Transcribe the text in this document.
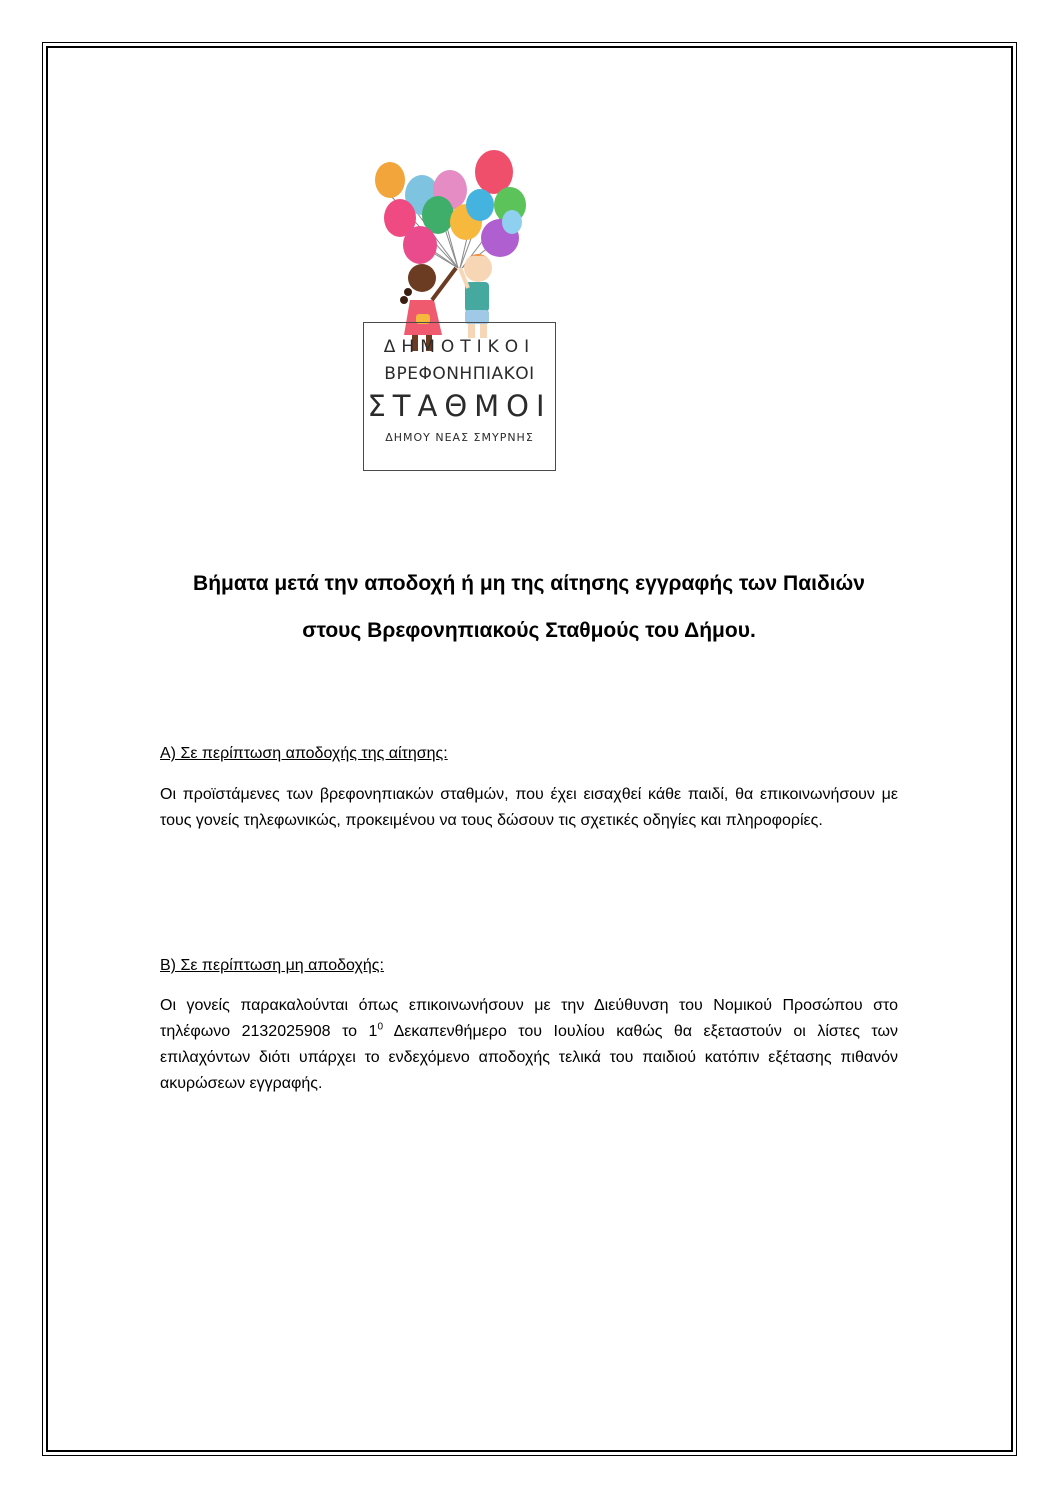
ΔΗΜΟΤΙΚΟΙ
ΒΡΕΦΟΝΗΠΙΑΚΟΙ
ΣΤΑΘΜΟΙ
ΔΗΜΟΥ ΝΕΑΣ ΣΜΥΡΝΗΣ
Βήματα μετά την αποδοχή ή μη της αίτησης εγγραφής των Παιδιών
στους Βρεφονηπιακούς Σταθμούς του Δήμου.
Α) Σε περίπτωση αποδοχής της αίτησης:
Οι προϊστάμενες των βρεφονηπιακών σταθμών, που έχει εισαχθεί κάθε παιδί, θα επικοινωνήσουν με τους γονείς τηλεφωνικώς, προκειμένου να τους δώσουν τις σχετικές οδηγίες και πληροφορίες.
Β) Σε περίπτωση μη αποδοχής:
Οι γονείς παρακαλούνται όπως επικοινωνήσουν με την Διεύθυνση του Νομικού Προσώπου στο τηλέφωνο 2132025908 το $1^0$ Δεκαπενθήμερο του Ιουλίου καθώς θα εξεταστούν οι λίστες των επιλαχόντων διότι υπάρχει το ενδεχόμενο αποδοχής τελικά του παιδιού κατόπιν εξέτασης πιθανόν ακυρώσεων εγγραφής.
